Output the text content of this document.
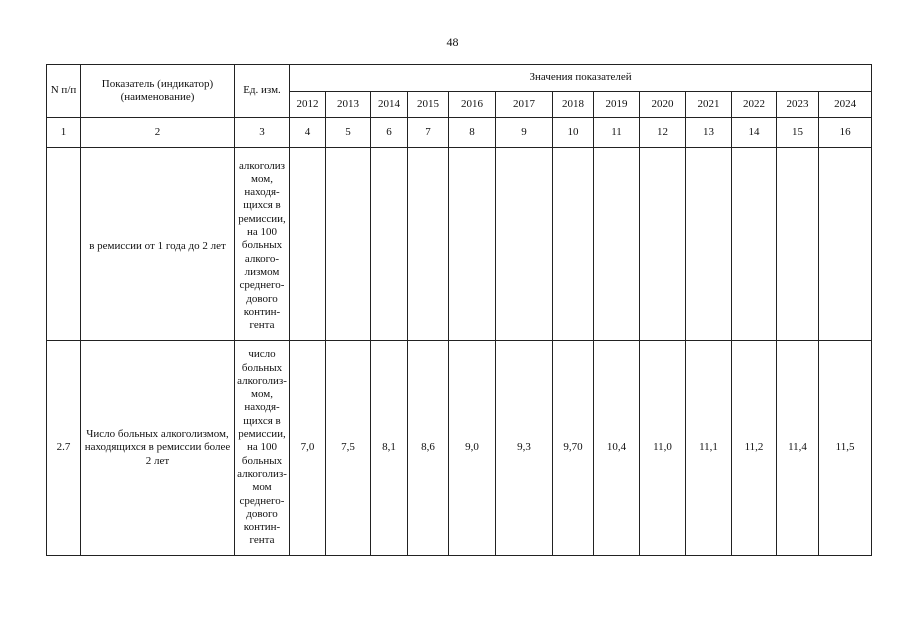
48
N п/п	Показатель (индикатор) (наименование)	Ед. изм.	Значения показателей												
			2012	2013	2014	2015	2016	2017	2018	2019	2020	2021	2022	2023	2024
1	2	3	4	5	6	7	8	9	10	11	12	13	14	15	16
	в ремиссии от 1 года до 2 лет	алкоголиз мом, находя- щихся в ремиссии, на 100 больных алкого- лизмом среднего- дового контин- гента													
2.7	Число больных алкоголизмом, находящихся в ремиссии более 2 лет	число больных алкоголиз- мом, находя- щихся в ремиссии, на 100 больных алкоголиз- мом среднего- дового контин- гента	7,0	7,5	8,1	8,6	9,0	9,3	9,70	10,4	11,0	11,1	11,2	11,4	11,5
